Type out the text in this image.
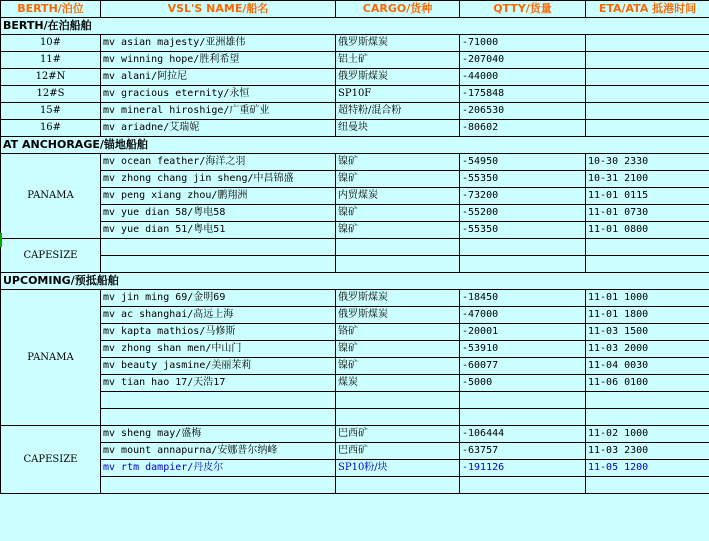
BERTH/泊位	VSL'S NAME/船名	CARGO/货种	QTTY/货量	ETA/ATA 抵港时间
BERTH/在泊船舶				
10#	mv asian majesty/亚洲雄伟	俄罗斯煤炭	-71000	
11#	mv winning hope/胜利希望	铝土矿	-207040	
12#N	mv alani/阿拉尼	俄罗斯煤炭	-44000	
12#S	mv gracious eternity/永恒	SP10F	-175848	
15#	mv mineral hiroshige/广重矿业	超特粉/混合粉	-206530	
16#	mv ariadne/艾瑞妮	纽曼块	-80602	
AT ANCHORAGE/锚地船舶				
PANAMA	mv ocean feather/海洋之羽	镍矿	-54950	10-30 2330
	mv zhong chang jin sheng/中昌锦盛	镍矿	-55350	10-31 2100
	mv peng xiang zhou/鹏翔洲	内贸煤炭	-73200	11-01 0115
	mv yue dian 58/粤电58	镍矿	-55200	11-01 0730
	mv yue dian 51/粤电51	镍矿	-55350	11-01 0800
CAPESIZE				

UPCOMING/预抵船舶				
PANAMA	mv jin ming 69/金明69	俄罗斯煤炭	-18450	11-01 1000
	mv ac shanghai/高远上海	俄罗斯煤炭	-47000	11-01 1800
	mv kapta mathios/马修斯	铬矿	-20001	11-03 1500
	mv zhong shan men/中山门	镍矿	-53910	11-03 2000
	mv beauty jasmine/美丽茉莉	镍矿	-60077	11-04 0030
	mv tian hao 17/天浩17	煤炭	-5000	11-06 0100

CAPESIZE	mv sheng may/盛梅	巴西矿	-106444	11-02 1000
	mv mount annapurna/安娜普尔纳峰	巴西矿	-63757	11-03 2300
	mv rtm dampier/丹皮尔	SP10粉/块	-191126	11-05 1200
